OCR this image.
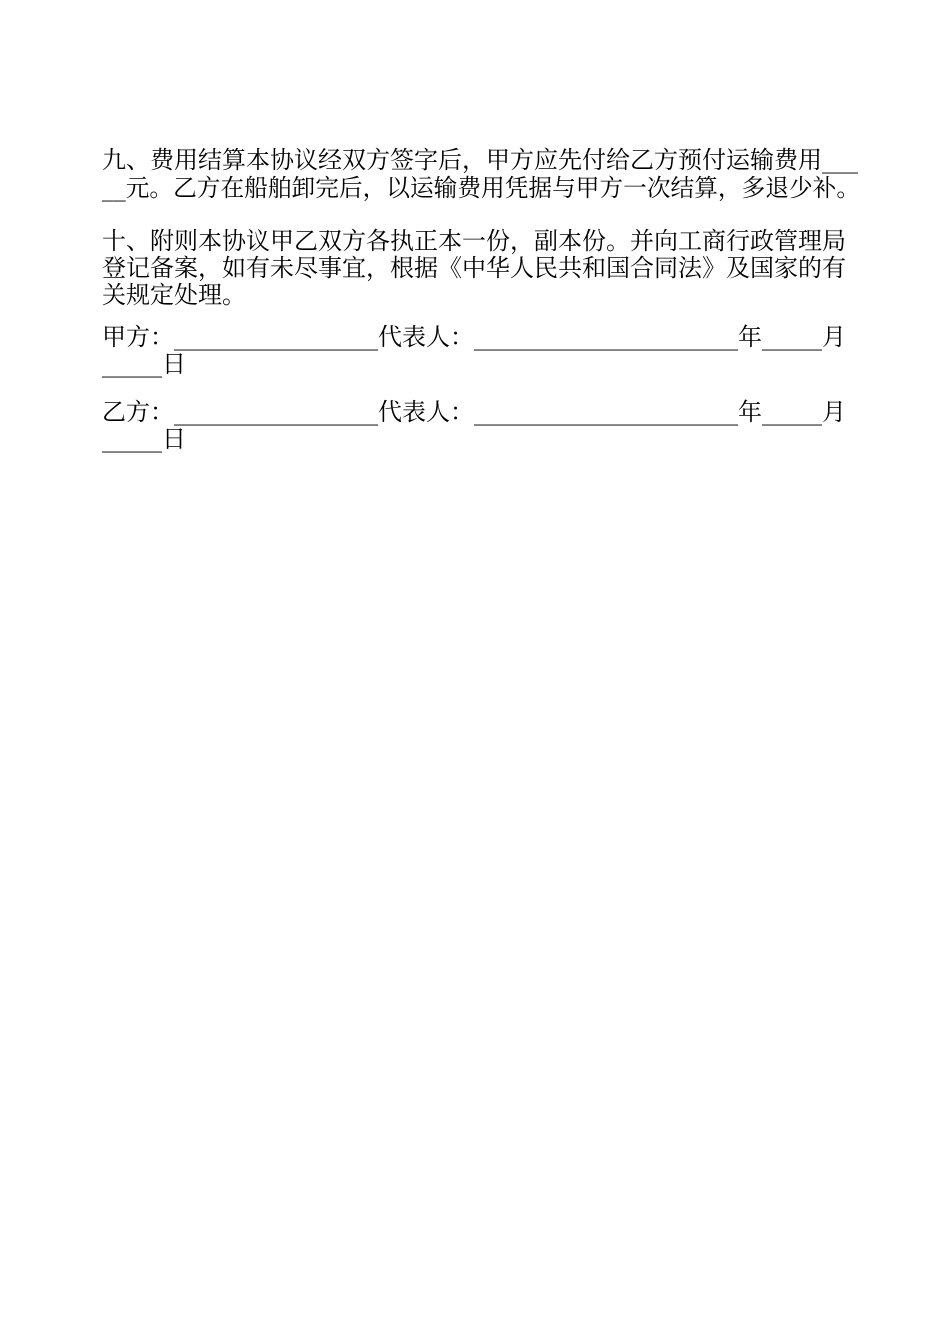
九、费用结算本协议经双方签字后，甲方应先付给乙方预付运输费用___
__元。乙方在船舶卸完后，以运输费用凭据与甲方一次结算，多退少补。
十、附则本协议甲乙双方各执正本一份，副本份。并向工商行政管理局
登记备案，如有未尽事宜，根据《中华人民共和国合同法》及国家的有
关规定处理。
甲方：_________________代表人：______________________年_____月
_____日
乙方：_________________代表人：______________________年_____月
_____日
